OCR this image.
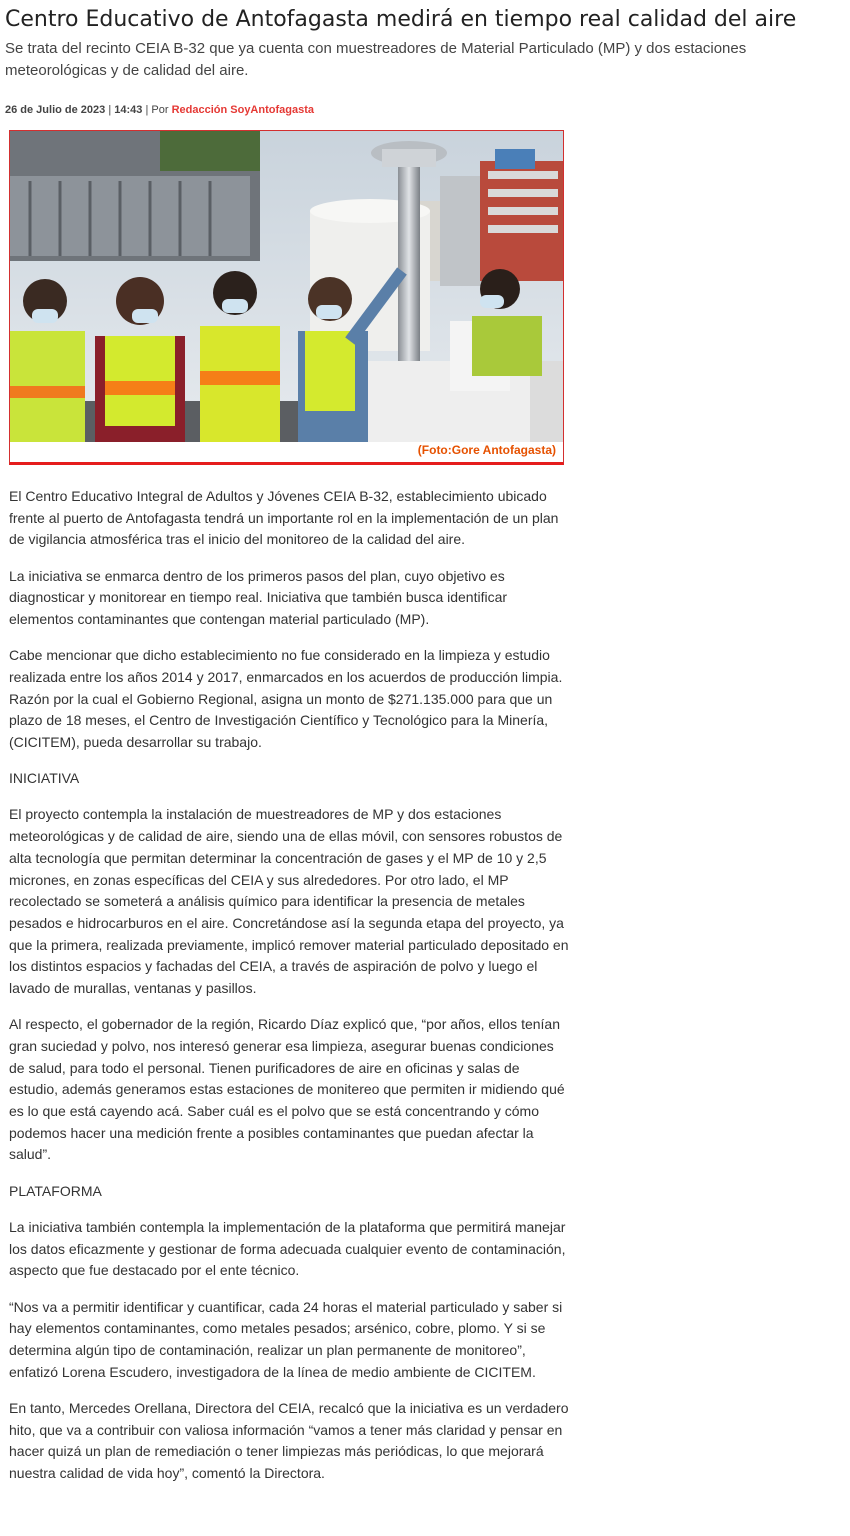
Centro Educativo de Antofagasta medirá en tiempo real calidad del aire

Se trata del recinto CEIA B-32 que ya cuenta con muestreadores de Material Particulado (MP) y dos estaciones meteorológicas y de calidad del aire.

26 de Julio de 2023 | 14:43 | Por Redacción SoyAntofagasta
(Foto:Gore Antofagasta)

El Centro Educativo Integral de Adultos y Jóvenes CEIA B-32, establecimiento ubicado frente al puerto de Antofagasta tendrá un importante rol en la implementación de un plan de vigilancia atmosférica tras el inicio del monitoreo de la calidad del aire.

La iniciativa se enmarca dentro de los primeros pasos del plan, cuyo objetivo es diagnosticar y monitorear en tiempo real. Iniciativa que también busca identificar elementos contaminantes que contengan material particulado (MP).

Cabe mencionar que dicho establecimiento no fue considerado en la limpieza y estudio realizada entre los años 2014 y 2017, enmarcados en los acuerdos de producción limpia. Razón por la cual el Gobierno Regional, asigna un monto de $271.135.000 para que un plazo de 18 meses, el Centro de Investigación Científico y Tecnológico para la Minería, (CICITEM), pueda desarrollar su trabajo.

INICIATIVA

El proyecto contempla la instalación de muestreadores de MP y dos estaciones meteorológicas y de calidad de aire, siendo una de ellas móvil, con sensores robustos de alta tecnología que permitan determinar la concentración de gases y el MP de 10 y 2,5 micrones, en zonas específicas del CEIA y sus alrededores. Por otro lado, el MP recolectado se someterá a análisis químico para identificar la presencia de metales pesados e hidrocarburos en el aire. Concretándose así la segunda etapa del proyecto, ya que la primera, realizada previamente, implicó remover material particulado depositado en los distintos espacios y fachadas del CEIA, a través de aspiración de polvo y luego el lavado de murallas, ventanas y pasillos.

Al respecto, el gobernador de la región, Ricardo Díaz explicó que, “por años, ellos tenían gran suciedad y polvo, nos interesó generar esa limpieza, asegurar buenas condiciones de salud, para todo el personal. Tienen purificadores de aire en oficinas y salas de estudio, además generamos estas estaciones de monitereo que permiten ir midiendo qué es lo que está cayendo acá. Saber cuál es el polvo que se está concentrando y cómo podemos hacer una medición frente a posibles contaminantes que puedan afectar la salud”.

PLATAFORMA

La iniciativa también contempla la implementación de la plataforma que permitirá manejar los datos eficazmente y gestionar de forma adecuada cualquier evento de contaminación, aspecto que fue destacado por el ente técnico.

“Nos va a permitir identificar y cuantificar, cada 24 horas el material particulado y saber si hay elementos contaminantes, como metales pesados; arsénico, cobre, plomo. Y si se determina algún tipo de contaminación, realizar un plan permanente de monitoreo”, enfatizó Lorena Escudero, investigadora de la línea de medio ambiente de CICITEM.

En tanto, Mercedes Orellana, Directora del CEIA, recalcó que la iniciativa es un verdadero hito, que va a contribuir con valiosa información “vamos a tener más claridad y pensar en hacer quizá un plan de remediación o tener limpiezas más periódicas, lo que mejorará nuestra calidad de vida hoy”, comentó la Directora.
